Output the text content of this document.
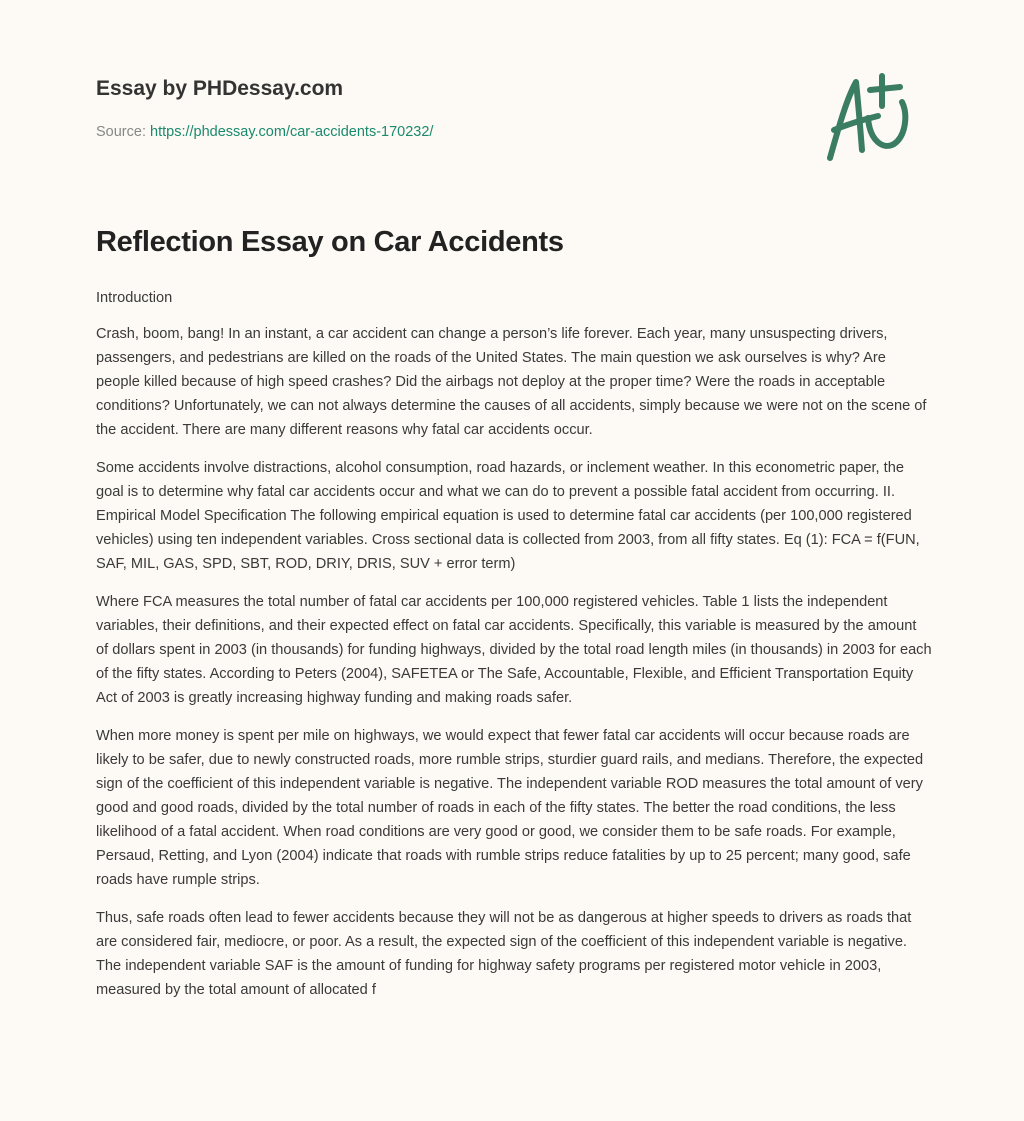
Essay by PHDessay.com
Source: https://phdessay.com/car-accidents-170232/
Reflection Essay on Car Accidents

Introduction

Crash, boom, bang! In an instant, a car accident can change a person’s life forever. Each year, many unsuspecting drivers, passengers, and pedestrians are killed on the roads of the United States. The main question we ask ourselves is why? Are people killed because of high speed crashes? Did the airbags not deploy at the proper time? Were the roads in acceptable conditions? Unfortunately, we can not always determine the causes of all accidents, simply because we were not on the scene of the accident. There are many different reasons why fatal car accidents occur.

Some accidents involve distractions, alcohol consumption, road hazards, or inclement weather. In this econometric paper, the goal is to determine why fatal car accidents occur and what we can do to prevent a possible fatal accident from occurring. II. Empirical Model Specification The following empirical equation is used to determine fatal car accidents (per 100,000 registered vehicles) using ten independent variables. Cross sectional data is collected from 2003, from all fifty states. Eq (1): FCA = f(FUN, SAF, MIL, GAS, SPD, SBT, ROD, DRIY, DRIS, SUV + error term)

Where FCA measures the total number of fatal car accidents per 100,000 registered vehicles. Table 1 lists the independent variables, their definitions, and their expected effect on fatal car accidents. Specifically, this variable is measured by the amount of dollars spent in 2003 (in thousands) for funding highways, divided by the total road length miles (in thousands) in 2003 for each of the fifty states. According to Peters (2004), SAFETEA or The Safe, Accountable, Flexible, and Efficient Transportation Equity Act of 2003 is greatly increasing highway funding and making roads safer.

When more money is spent per mile on highways, we would expect that fewer fatal car accidents will occur because roads are likely to be safer, due to newly constructed roads, more rumble strips, sturdier guard rails, and medians. Therefore, the expected sign of the coefficient of this independent variable is negative. The independent variable ROD measures the total amount of very good and good roads, divided by the total number of roads in each of the fifty states. The better the road conditions, the less likelihood of a fatal accident. When road conditions are very good or good, we consider them to be safe roads. For example, Persaud, Retting, and Lyon (2004) indicate that roads with rumble strips reduce fatalities by up to 25 percent; many good, safe roads have rumple strips.

Thus, safe roads often lead to fewer accidents because they will not be as dangerous at higher speeds to drivers as roads that are considered fair, mediocre, or poor. As a result, the expected sign of the coefficient of this independent variable is negative. The independent variable SAF is the amount of funding for highway safety programs per registered motor vehicle in 2003, measured by the total amount of allocated f
